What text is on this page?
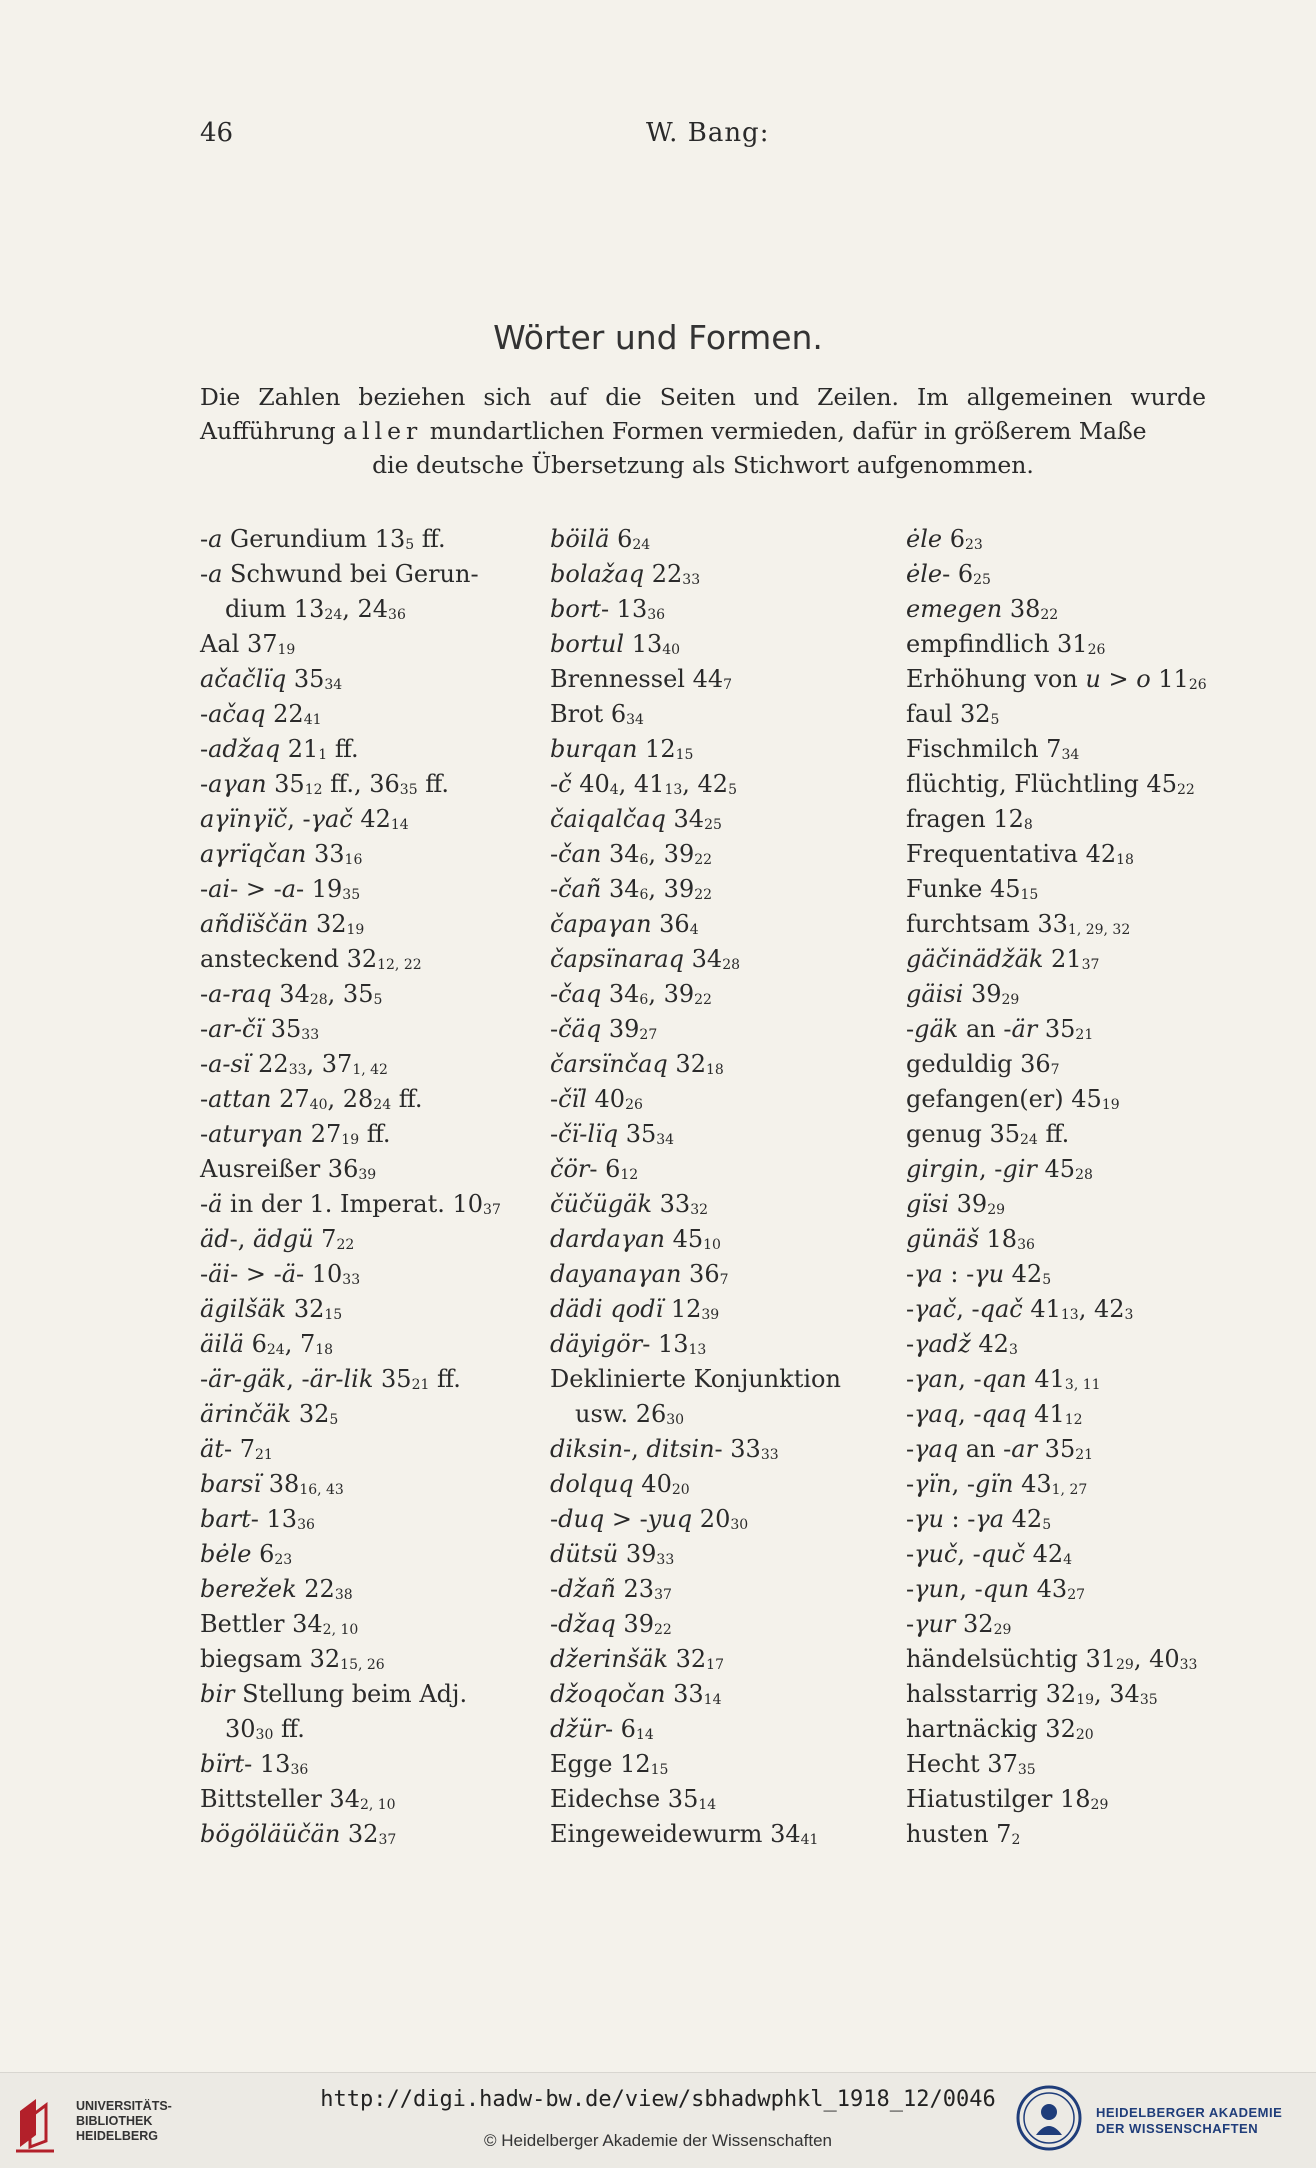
46	W. Bang:
Wörter und Formen.
Die Zahlen beziehen sich auf die Seiten und Zeilen. Im allgemeinen wurde Aufführung aller mundartlichen Formen vermieden, dafür in größerem Maße
die deutsche Übersetzung als Stichwort aufgenommen.
-a Gerundium 135 ff.
-a Schwund bei Gerun-
dium 1324, 2436
Aal 3719
ačačlïq 3534
-ačaq 2241
-adžaq 211 ff.
-aγan 3512 ff., 3635 ff.
aγïnγïč, -γač 4214
aγrïqčan 3316
-ai- > -a- 1935
añdïščän 3219
ansteckend 3212, 22
-a-raq 3428, 355
-ar-čï 3533
-a-sï 2233, 371, 42
-attan 2740, 2824 ff.
-aturγan 2719 ff.
Ausreißer 3639
-ä in der 1. Imperat. 1037
äd-, ädgü 722
-äi- > -ä- 1033
ägilšäk 3215
äilä 624, 718
-är-gäk, -är-lik 3521 ff.
ärinčäk 325
ät- 721
barsï 3816, 43
bart- 1336
bėle 623
berežek 2238
Bettler 342, 10
biegsam 3215, 26
bir Stellung beim Adj.
3030 ff.
bïrt- 1336
Bittsteller 342, 10
bögöläüčän 3237
böilä 624
bolažaq 2233
bort- 1336
bortul 1340
Brennessel 447
Brot 634
burqan 1215
-č 404, 4113, 425
čaiqalčaq 3425
-čan 346, 3922
-čañ 346, 3922
čapaγan 364
čapsïnaraq 3428
-čaq 346, 3922
-čäq 3927
čarsïnčaq 3218
-čïl 4026
-čï-lïq 3534
čör- 612
čüčügäk 3332
dardaγan 4510
dayanaγan 367
dädi qodï 1239
däyigör- 1313
Deklinierte Konjunktion
usw. 2630
diksin-, ditsin- 3333
dolquq 4020
-duq > -yuq 2030
dütsü 3933
-džañ 2337
-džaq 3922
džerinšäk 3217
džoqočan 3314
džür- 614
Egge 1215
Eidechse 3514
Eingeweidewurm 3441
ėle 623
ėle- 625
emegen 3822
empfindlich 3126
Erhöhung von u > o 1126
faul 325
Fischmilch 734
flüchtig, Flüchtling 4522
fragen 128
Frequentativa 4218
Funke 4515
furchtsam 331, 29, 32
gäčinädžäk 2137
gäisi 3929
-gäk an -är 3521
geduldig 367
gefangen(er) 4519
genug 3524 ff.
girgin, -gir 4528
gïsi 3929
günäš 1836
-γa : -γu 425
-γač, -qač 4113, 423
-γadž 423
-γan, -qan 413, 11
-γaq, -qaq 4112
-γaq an -ar 3521
-γïn, -gïn 431, 27
-γu : -γa 425
-γuč, -quč 424
-γun, -qun 4327
-γur 3229
händelsüchtig 3129, 4033
halsstarrig 3219, 3435
hartnäckig 3220
Hecht 3735
Hiatustilger 1829
husten 72
UNIVERSITÄTS-
BIBLIOTHEK
HEIDELBERG
http://digi.hadw-bw.de/view/sbhadwphkl_1918_12/0046
© Heidelberger Akademie der Wissenschaften
HEIDELBERGER AKADEMIE
DER WISSENSCHAFTEN
